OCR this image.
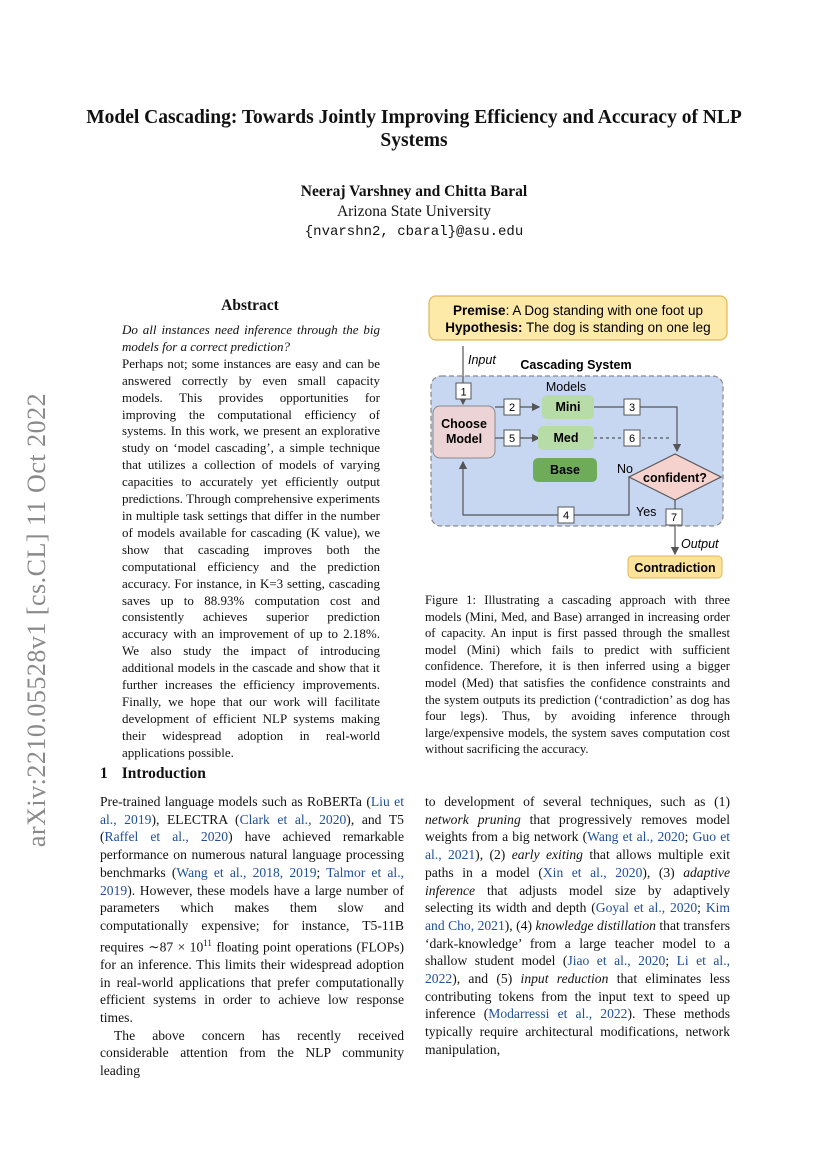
arXiv:2210.05528v1 [cs.CL] 11 Oct 2022
Model Cascading: Towards Jointly Improving Efficiency and Accuracy of NLP Systems
Neeraj Varshney and Chitta Baral
Arizona State University
{nvarshn2, cbaral}@asu.edu
Abstract

Do all instances need inference through the big models for a correct prediction?

Perhaps not; some instances are easy and can be answered correctly by even small capacity models. This provides opportunities for improving the computational efficiency of systems. In this work, we present an explorative study on ‘model cascading’, a simple technique that utilizes a collection of models of varying capacities to accurately yet efficiently output predictions. Through comprehensive experiments in multiple task settings that differ in the number of models available for cascading (K value), we show that cascading improves both the computational efficiency and the prediction accuracy. For instance, in K=3 setting, cascading saves up to 88.93% computation cost and consistently achieves superior prediction accuracy with an improvement of up to 2.18%. We also study the impact of introducing additional models in the cascade and show that it further increases the efficiency improvements. Finally, we hope that our work will facilitate development of efficient NLP systems making their widespread adoption in real-world applications possible.

Premise: A Dog standing with one foot up
Hypothesis: The dog is standing on one leg
Input Cascading System
Models
1
Choose
Model
2	Mini	3
5	Med	6
Base
confident?
No
4	Yes 7
Output
Contradiction
Figure 1: Illustrating a cascading approach with three models (Mini, Med, and Base) arranged in increasing order of capacity. An input is first passed through the smallest model (Mini) which fails to predict with sufficient confidence. Therefore, it is then inferred using a bigger model (Med) that satisfies the confidence constraints and the system outputs its prediction (‘contradiction’ as dog has four legs). Thus, by avoiding inference through large/expensive models, the system saves computation cost without sacrificing the accuracy.
1 Introduction

Pre-trained language models such as RoBERTa (Liu et al., 2019), ELECTRA (Clark et al., 2020), and T5 (Raffel et al., 2020) have achieved remarkable performance on numerous natural language processing benchmarks (Wang et al., 2018, 2019; Talmor et al., 2019). However, these models have a large number of parameters which makes them slow and computationally expensive; for instance, T5-11B requires ∼87 × $10^{11}$ floating point operations (FLOPs) for an inference. This limits their widespread adoption in real-world applications that prefer computationally efficient systems in order to achieve low response times.

The above concern has recently received considerable attention from the NLP community leading

to development of several techniques, such as (1) network pruning that progressively removes model weights from a big network (Wang et al., 2020; Guo et al., 2021), (2) early exiting that allows multiple exit paths in a model (Xin et al., 2020), (3) adaptive inference that adjusts model size by adaptively selecting its width and depth (Goyal et al., 2020; Kim and Cho, 2021), (4) knowledge distillation that transfers ‘dark-knowledge’ from a large teacher model to a shallow student model (Jiao et al., 2020; Li et al., 2022), and (5) input reduction that eliminates less contributing tokens from the input text to speed up inference (Modarressi et al., 2022). These methods typically require architectural modifications, network manipulation,
